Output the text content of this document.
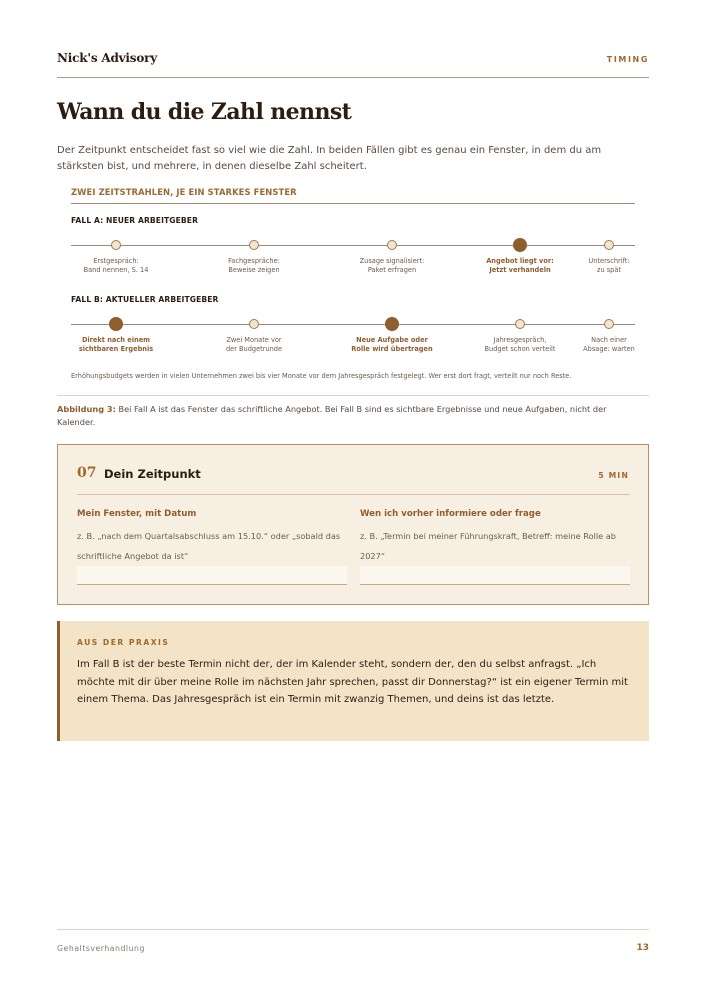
Nick's Advisory	TIMING
Wann du die Zahl nennst

Der Zeitpunkt entscheidet fast so viel wie die Zahl. In beiden Fällen gibt es genau ein Fenster, in dem du am stärksten bist, und mehrere, in denen dieselbe Zahl scheitert.

ZWEI ZEITSTRAHLEN, JE EIN STARKES FENSTER
FALL A: NEUER ARBEITGEBER
Erstgespräch:
Band nennen, S. 14
Fachgespräche:
Beweise zeigen
Zusage signalisiert:
Paket erfragen
Angebot liegt vor:
Jetzt verhandeln
Unterschrift:
zu spät
FALL B: AKTUELLER ARBEITGEBER
Direkt nach einem
sichtbaren Ergebnis
Zwei Monate vor
der Budgetrunde
Neue Aufgabe oder
Rolle wird übertragen
Jahresgespräch,
Budget schon verteilt
Nach einer
Absage: warten
Erhöhungsbudgets werden in vielen Unternehmen zwei bis vier Monate vor dem Jahresgespräch festgelegt. Wer erst dort fragt, verteilt nur noch Reste.

Abbildung 3: Bei Fall A ist das Fenster das schriftliche Angebot. Bei Fall B sind es sichtbare Ergebnisse und neue Aufgaben, nicht der Kalender.

07 Dein Zeitpunkt	5 MIN

Mein Fenster, mit Datum

z. B. „nach dem Quartalsabschluss am 15.10.“ oder „sobald das schriftliche Angebot da ist“

Wen ich vorher informiere oder frage

z. B. „Termin bei meiner Führungskraft, Betreff: meine Rolle ab 2027“

AUS DER PRAXIS

Im Fall B ist der beste Termin nicht der, der im Kalender steht, sondern der, den du selbst anfragst. „Ich möchte mit dir über meine Rolle im nächsten Jahr sprechen, passt dir Donnerstag?“ ist ein eigener Termin mit einem Thema. Das Jahresgespräch ist ein Termin mit zwanzig Themen, und deins ist das letzte.

Gehaltsverhandlung	13
